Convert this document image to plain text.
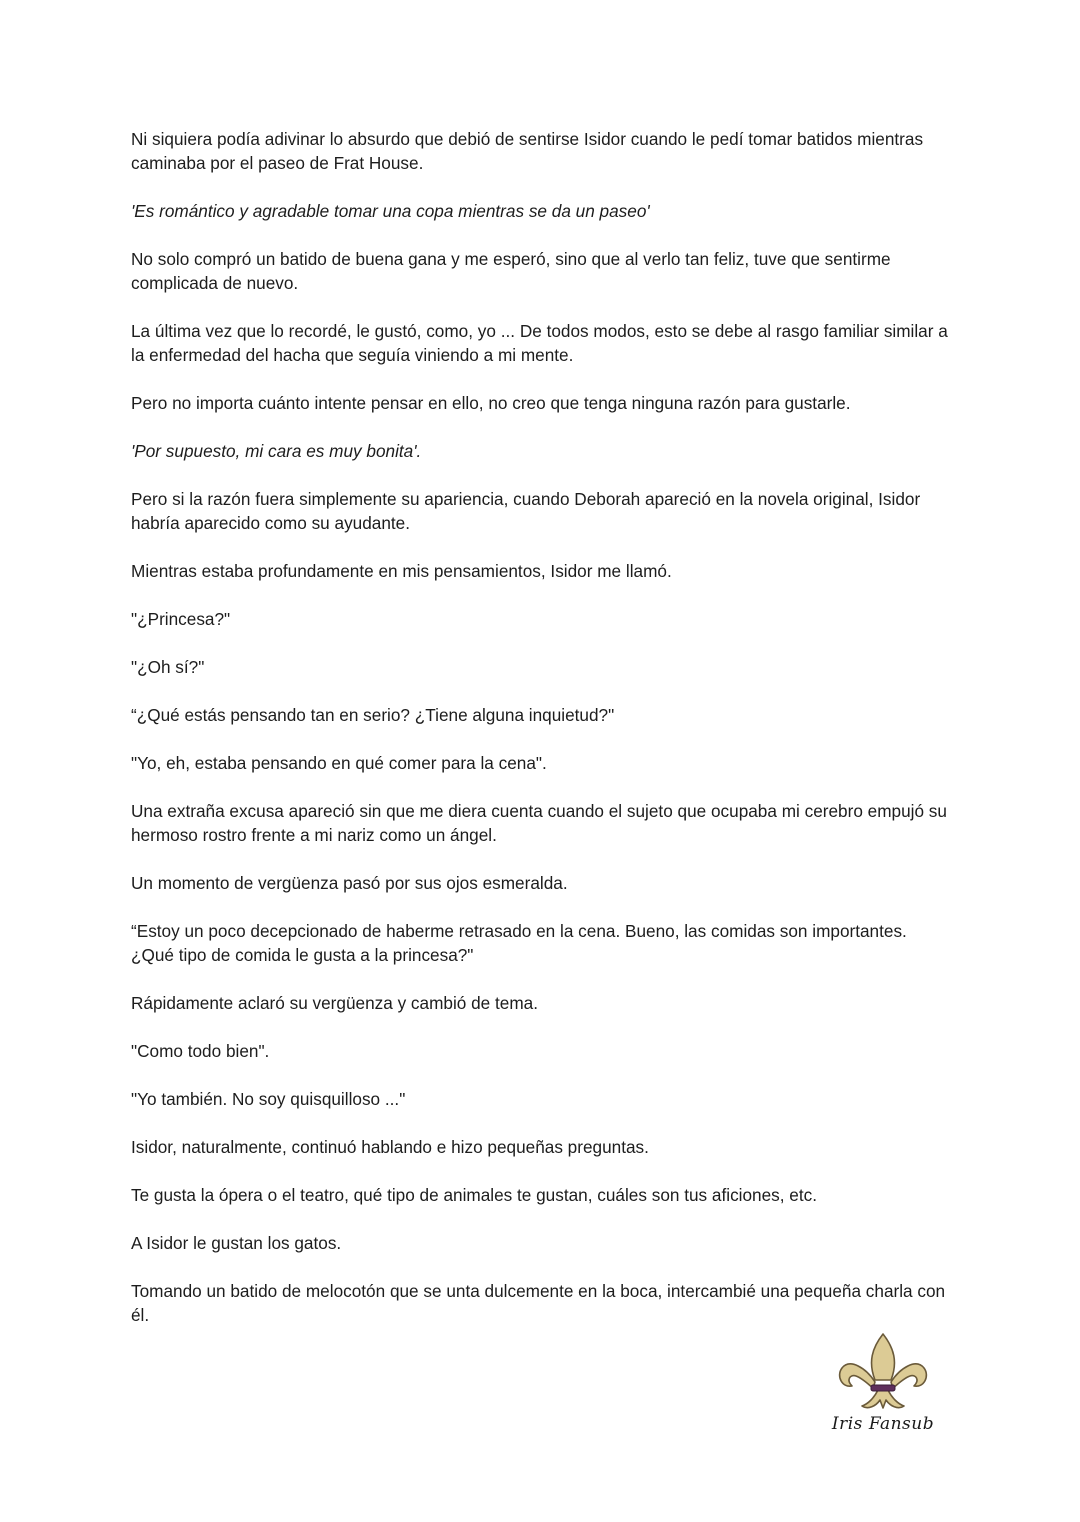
Ni siquiera podía adivinar lo absurdo que debió de sentirse Isidor cuando le pedí tomar batidos mientras caminaba por el paseo de Frat House.

'Es romántico y agradable tomar una copa mientras se da un paseo'

No solo compró un batido de buena gana y me esperó, sino que al verlo tan feliz, tuve que sentirme complicada de nuevo.

La última vez que lo recordé, le gustó, como, yo ... De todos modos, esto se debe al rasgo familiar similar a la enfermedad del hacha que seguía viniendo a mi mente.

Pero no importa cuánto intente pensar en ello, no creo que tenga ninguna razón para gustarle.

'Por supuesto, mi cara es muy bonita'.

Pero si la razón fuera simplemente su apariencia, cuando Deborah apareció en la novela original, Isidor habría aparecido como su ayudante.

Mientras estaba profundamente en mis pensamientos, Isidor me llamó.

"¿Princesa?"

"¿Oh sí?"

“¿Qué estás pensando tan en serio? ¿Tiene alguna inquietud?"

"Yo, eh, estaba pensando en qué comer para la cena".

Una extraña excusa apareció sin que me diera cuenta cuando el sujeto que ocupaba mi cerebro empujó su hermoso rostro frente a mi nariz como un ángel.

Un momento de vergüenza pasó por sus ojos esmeralda.

“Estoy un poco decepcionado de haberme retrasado en la cena. Bueno, las comidas son importantes. ¿Qué tipo de comida le gusta a la princesa?"

Rápidamente aclaró su vergüenza y cambió de tema.

"Como todo bien".

"Yo también. No soy quisquilloso ..."

Isidor, naturalmente, continuó hablando e hizo pequeñas preguntas.

Te gusta la ópera o el teatro, qué tipo de animales te gustan, cuáles son tus aficiones, etc.

A Isidor le gustan los gatos.

Tomando un batido de melocotón que se unta dulcemente en la boca, intercambié una pequeña charla con él.

Iris Fansub
